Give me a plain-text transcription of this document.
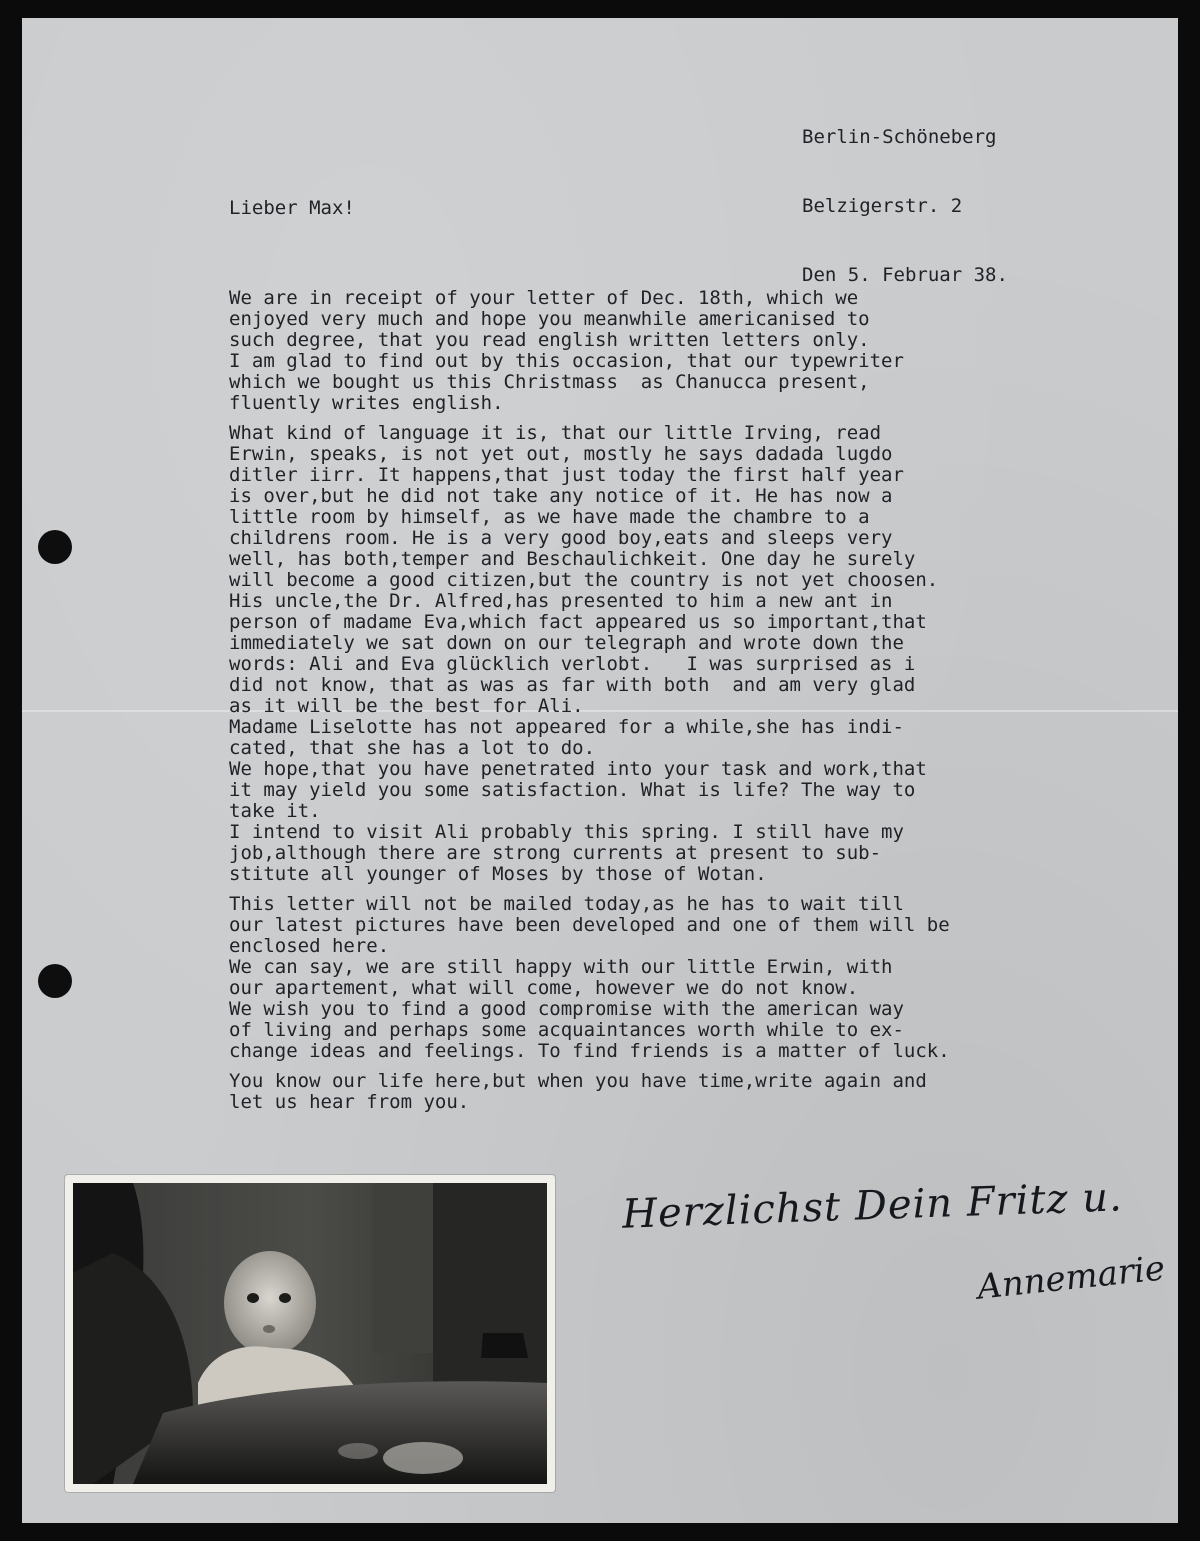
Berlin-Schöneberg

Belzigerstr. 2

Den 5. Februar 38.

Lieber Max!
We are in receipt of your letter of Dec. 18th, which we
enjoyed very much and hope you meanwhile americanised to
such degree, that you read english written letters only.
I am glad to find out by this occasion, that our typewriter
which we bought us this Christmass  as Chanucca present,
fluently writes english.
What kind of language it is, that our little Irving, read
Erwin, speaks, is not yet out, mostly he says dadada lugdo
ditler iirr. It happens,that just today the first half year
is over,but he did not take any notice of it. He has now a
little room by himself, as we have made the chambre to a
childrens room. He is a very good boy,eats and sleeps very
well, has both,temper and Beschaulichkeit. One day he surely
will become a good citizen,but the country is not yet choosen.
His uncle,the Dr. Alfred,has presented to him a new ant in
person of madame Eva,which fact appeared us so important,that
immediately we sat down on our telegraph and wrote down the
words: Ali and Eva glücklich verlobt.   I was surprised as i
did not know, that as was as far with both  and am very glad
as it will be the best for Ali.
Madame Liselotte has not appeared for a while,she has indi-
cated, that she has a lot to do.
We hope,that you have penetrated into your task and work,that
it may yield you some satisfaction. What is life? The way to
take it.
I intend to visit Ali probably this spring. I still have my
job,although there are strong currents at present to sub-
stitute all younger of Moses by those of Wotan.
This letter will not be mailed today,as he has to wait till
our latest pictures have been developed and one of them will be
enclosed here.
We can say, we are still happy with our little Erwin, with
our apartement, what will come, however we do not know.
We wish you to find a good compromise with the american way
of living and perhaps some acquaintances worth while to ex-
change ideas and feelings. To find friends is a matter of luck.
You know our life here,but when you have time,write again and
let us hear from you.
Herzlichst Dein Fritz u.
Annemarie
